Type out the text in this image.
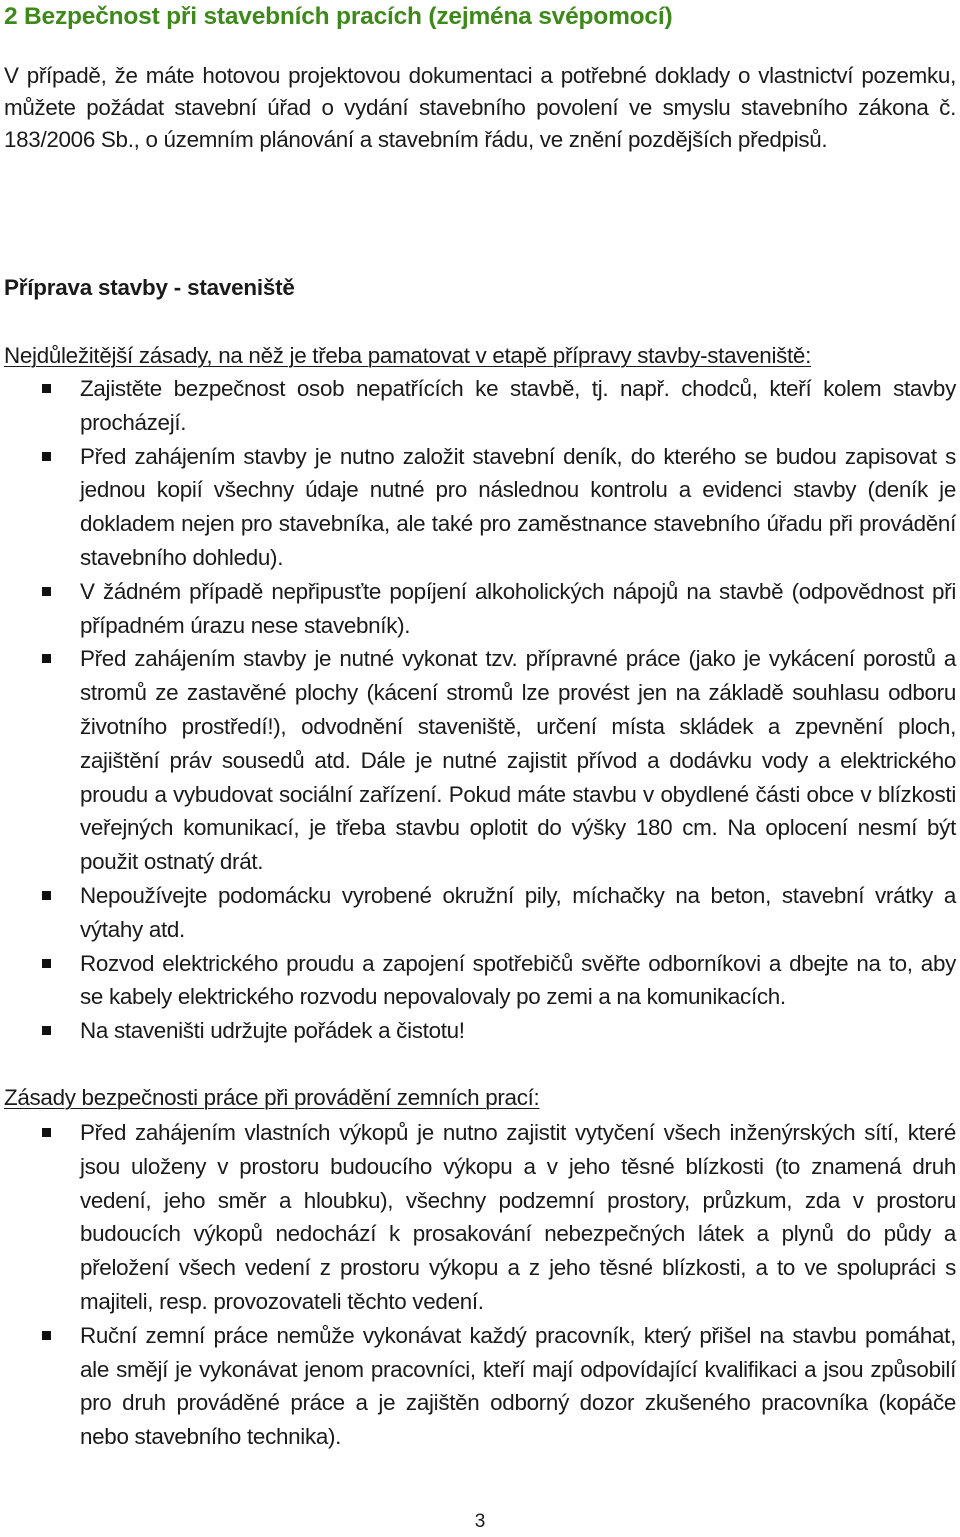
2 Bezpečnost při stavebních pracích (zejména svépomocí)
V případě, že máte hotovou projektovou dokumentaci a potřebné doklady o vlastnictví pozemku, můžete požádat stavební úřad o vydání stavebního povolení ve smyslu stavebního zákona č. 183/2006 Sb., o územním plánování a stavebním řádu, ve znění pozdějších předpisů.
Příprava stavby - staveniště
Nejdůležitější zásady, na něž je třeba pamatovat v etapě přípravy stavby-staveniště:
Zajistěte bezpečnost osob nepatřících ke stavbě, tj. např. chodců, kteří kolem stavby procházejí.
Před zahájením stavby je nutno založit stavební deník, do kterého se budou zapisovat s jednou kopií všechny údaje nutné pro následnou kontrolu a evidenci stavby (deník je dokladem nejen pro stavebníka, ale také pro zaměstnance stavebního úřadu při provádění stavebního dohledu).
V žádném případě nepřipusťte popíjení alkoholických nápojů na stavbě (odpovědnost při případném úrazu nese stavebník).
Před zahájením stavby je nutné vykonat tzv. přípravné práce (jako je vykácení porostů a stromů ze zastavěné plochy (kácení stromů lze provést jen na základě souhlasu odboru životního prostředí!), odvodnění staveniště, určení místa skládek a zpevnění ploch, zajištění práv sousedů atd. Dále je nutné zajistit přívod a dodávku vody a elektrického proudu a vybudovat sociální zařízení. Pokud máte stavbu v obydlené části obce v blízkosti veřejných komunikací, je třeba stavbu oplotit do výšky 180 cm. Na oplocení nesmí být použit ostnatý drát.
Nepoužívejte podomácku vyrobené okružní pily, míchačky na beton, stavební vrátky a výtahy atd.
Rozvod elektrického proudu a zapojení spotřebičů svěřte odborníkovi a dbejte na to, aby se kabely elektrického rozvodu nepovalovaly po zemi a na komunikacích.
Na staveništi udržujte pořádek a čistotu!
Zásady bezpečnosti práce při provádění zemních prací:
Před zahájením vlastních výkopů je nutno zajistit vytyčení všech inženýrských sítí, které jsou uloženy v prostoru budoucího výkopu a v jeho těsné blízkosti (to znamená druh vedení, jeho směr a hloubku), všechny podzemní prostory, průzkum, zda v prostoru budoucích výkopů nedochází k prosakování nebezpečných látek a plynů do půdy a přeložení všech vedení z prostoru výkopu a z jeho těsné blízkosti, a to ve spolupráci s majiteli, resp. provozovateli těchto vedení.
Ruční zemní práce nemůže vykonávat každý pracovník, který přišel na stavbu pomáhat, ale smějí je vykonávat jenom pracovníci, kteří mají odpovídající kvalifikaci a jsou způsobilí pro druh prováděné práce a je zajištěn odborný dozor zkušeného pracovníka (kopáče nebo stavebního technika).
3
